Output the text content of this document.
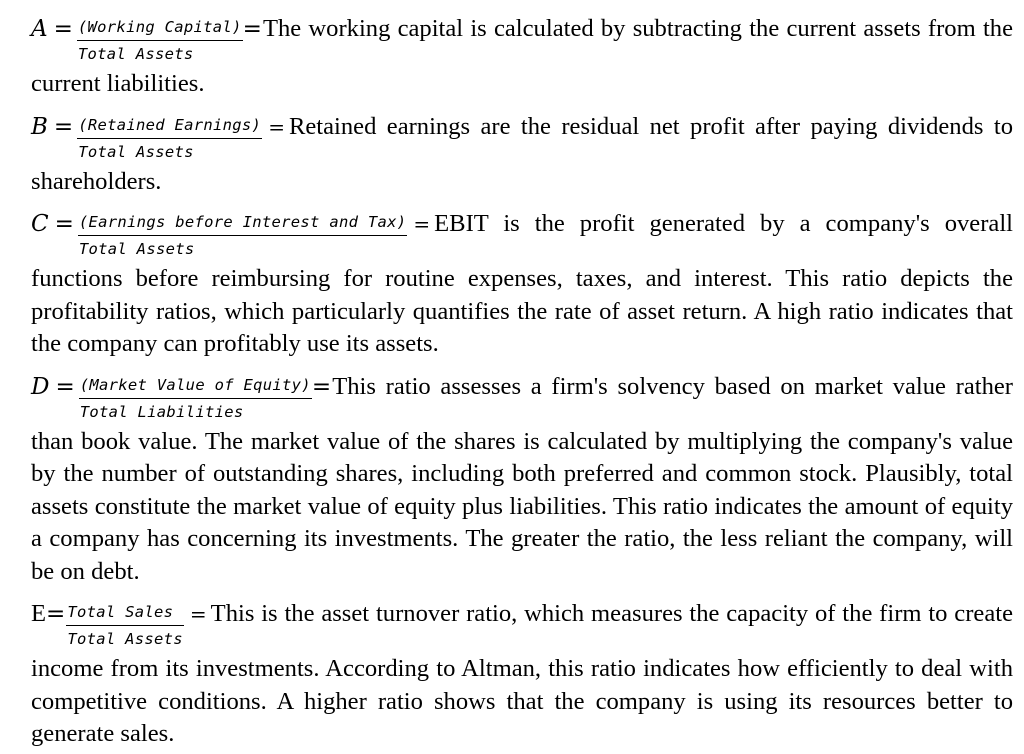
$A = \frac{\text{(Working Capital)}}{\text{Total Assets}} =The$ working capital is calculated by subtracting the current assets from the current liabilities.

$B = \frac{\text{(Retained Earnings)}}{\text{Total Assets}}$ = Retained earnings are the residual net profit after paying dividends to shareholders.

$C = \frac{\text{(Earnings before Interest and Tax)}}{\text{Total Assets}}$ = EBIT is the profit generated by a company's overall functions before reimbursing for routine expenses, taxes, and interest. This ratio depicts the profitability ratios, which particularly quantifies the rate of asset return. A high ratio indicates that the company can profitably use its assets.

$D = \frac{\text{(Market Value of Equity)}}{\text{Total Liabilities}}$ =This ratio assesses a firm's solvency based on market value rather than book value. The market value of the shares is calculated by multiplying the company's value by the number of outstanding shares, including both preferred and common stock. Plausibly, total assets constitute the market value of equity plus liabilities. This ratio indicates the amount of equity a company has concerning its investments. The greater the ratio, the less reliant the company, will be on debt.

$E = \frac{\text{Total Sales}}{\text{Total Assets}}$ = This is the asset turnover ratio, which measures the capacity of the firm to create income from its investments. According to Altman, this ratio indicates how efficiently to deal with competitive conditions. A higher ratio shows that the company is using its resources better to generate sales.
